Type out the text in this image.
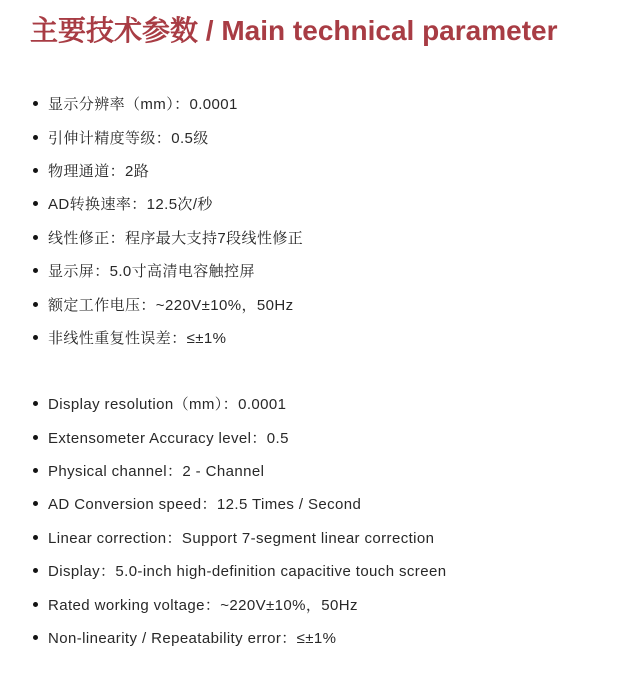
主要技术参数 / Main technical parameter
显示分辨率（mm）：0.0001
引伸计精度等级：0.5级
物理通道：2路
AD转换速率：12.5次/秒
线性修正：程序最大支持7段线性修正
显示屏：5.0寸高清电容触控屏
额定工作电压：~220V±10%，50Hz
非线性重复性误差：≤±1%
Display resolution（mm）：0.0001
Extensometer Accuracy level：0.5
Physical channel：2 - Channel
AD Conversion speed：12.5 Times / Second
Linear correction：Support 7-segment linear correction
Display：5.0-inch high-definition capacitive touch screen
Rated working voltage：~220V±10%，50Hz
Non-linearity / Repeatability error：≤±1%
